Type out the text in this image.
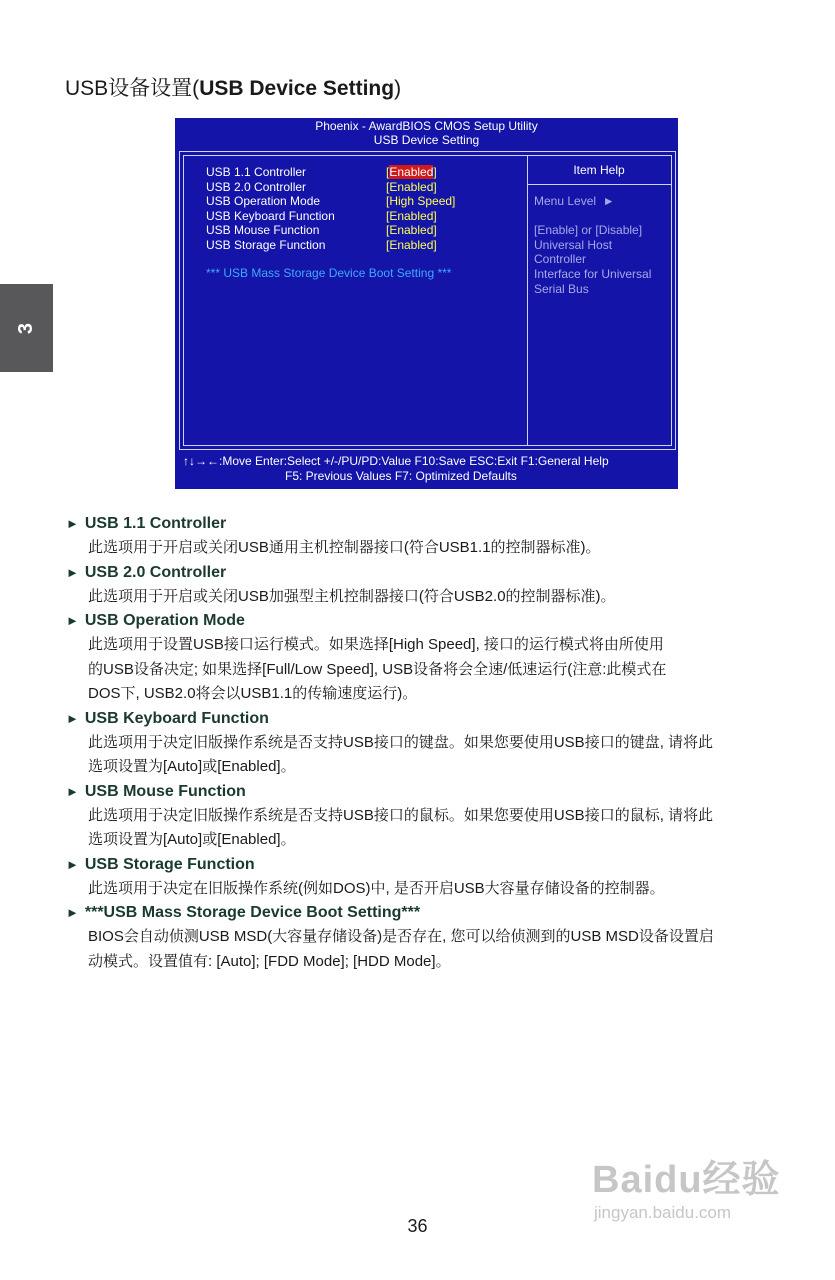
3
USB设备设置(USB Device Setting)
Phoenix - AwardBIOS CMOS Setup Utility
USB Device Setting
Item Help
USB 1.1 Controller	[Enabled]
USB 2.0 Controller	[Enabled]
USB Operation Mode	[High Speed]
USB Keyboard Function	[Enabled]
USB Mouse Function	[Enabled]
USB Storage Function	[Enabled]
*** USB Mass Storage Device Boot Setting ***
Menu Level ►

[Enable] or [Disable]
Universal Host
Controller
Interface for Universal
Serial Bus
↑↓→←:Move Enter:Select +/-/PU/PD:Value F10:Save ESC:Exit F1:General Help
F5: Previous Values F7: Optimized Defaults
► USB 1.1 Controller
此选项用于开启或关闭USB通用主机控制器接口(符合USB1.1的控制器标准)。
► USB 2.0 Controller
此选项用于开启或关闭USB加强型主机控制器接口(符合USB2.0的控制器标准)。
► USB Operation Mode
此选项用于设置USB接口运行模式。如果选择[High Speed], 接口的运行模式将由所使用
的USB设备决定; 如果选择[Full/Low Speed], USB设备将会全速/低速运行(注意:此模式在
DOS下, USB2.0将会以USB1.1的传输速度运行)。
► USB Keyboard Function
此选项用于决定旧版操作系统是否支持USB接口的键盘。如果您要使用USB接口的键盘, 请将此
选项设置为[Auto]或[Enabled]。
► USB Mouse Function
此选项用于决定旧版操作系统是否支持USB接口的鼠标。如果您要使用USB接口的鼠标, 请将此
选项设置为[Auto]或[Enabled]。
► USB Storage Function
此选项用于决定在旧版操作系统(例如DOS)中, 是否开启USB大容量存储设备的控制器。
► ***USB Mass Storage Device Boot Setting***
BIOS会自动侦测USB MSD(大容量存储设备)是否存在, 您可以给侦测到的USB MSD设备设置启
动模式。设置值有: [Auto]; [FDD Mode]; [HDD Mode]。
Baidu经验
jingyan.baidu.com
36
